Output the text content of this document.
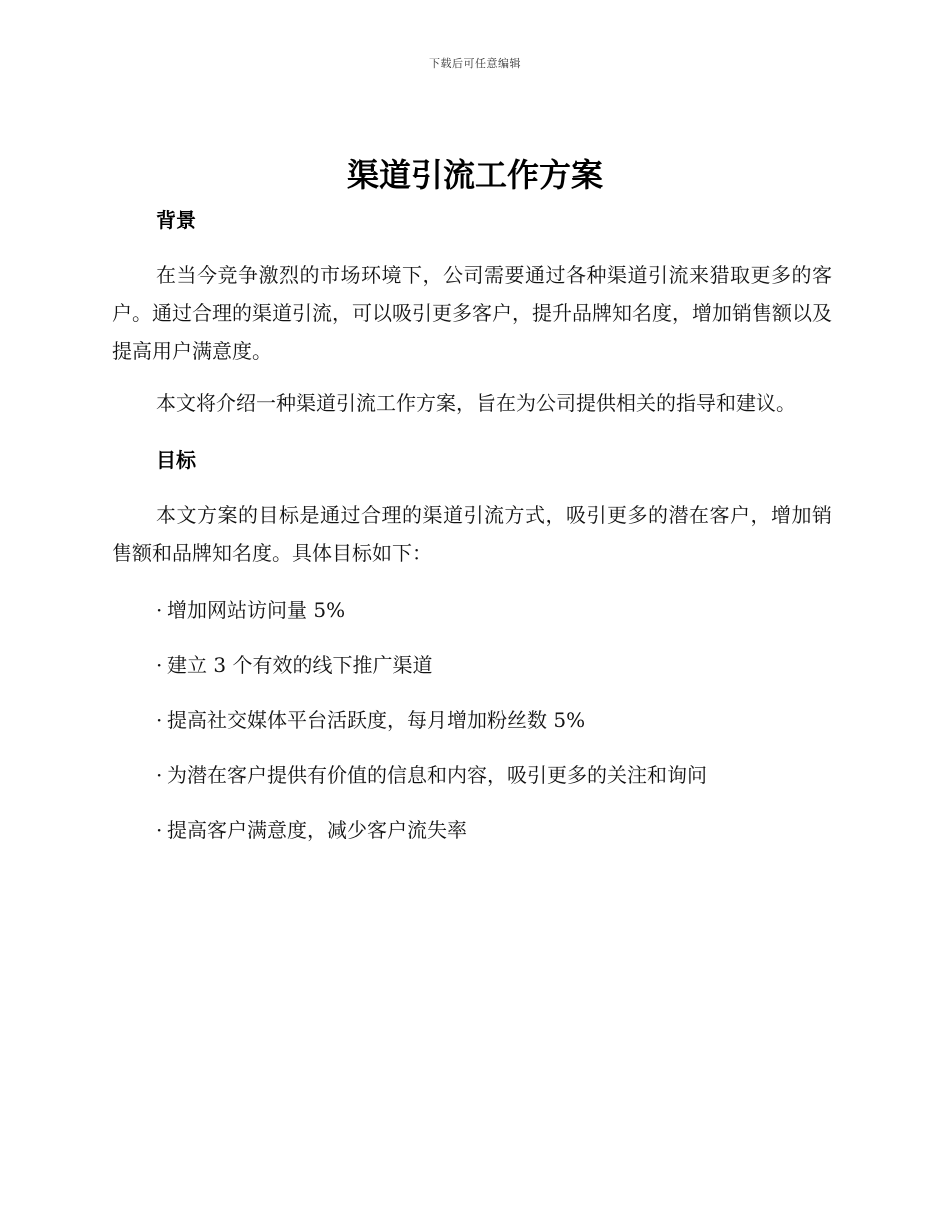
下载后可任意编辑
渠道引流工作方案
背景

在当今竞争激烈的市场环境下，公司需要通过各种渠道引流来猎取更多的客户。通过合理的渠道引流，可以吸引更多客户，提升品牌知名度，增加销售额以及提高用户满意度。

本文将介绍一种渠道引流工作方案，旨在为公司提供相关的指导和建议。

目标

本文方案的目标是通过合理的渠道引流方式，吸引更多的潜在客户，增加销售额和品牌知名度。具体目标如下：

· 增加网站访问量 5%
· 建立 3 个有效的线下推广渠道
· 提高社交媒体平台活跃度，每月增加粉丝数 5%
· 为潜在客户提供有价值的信息和内容，吸引更多的关注和询问
· 提高客户满意度，减少客户流失率
